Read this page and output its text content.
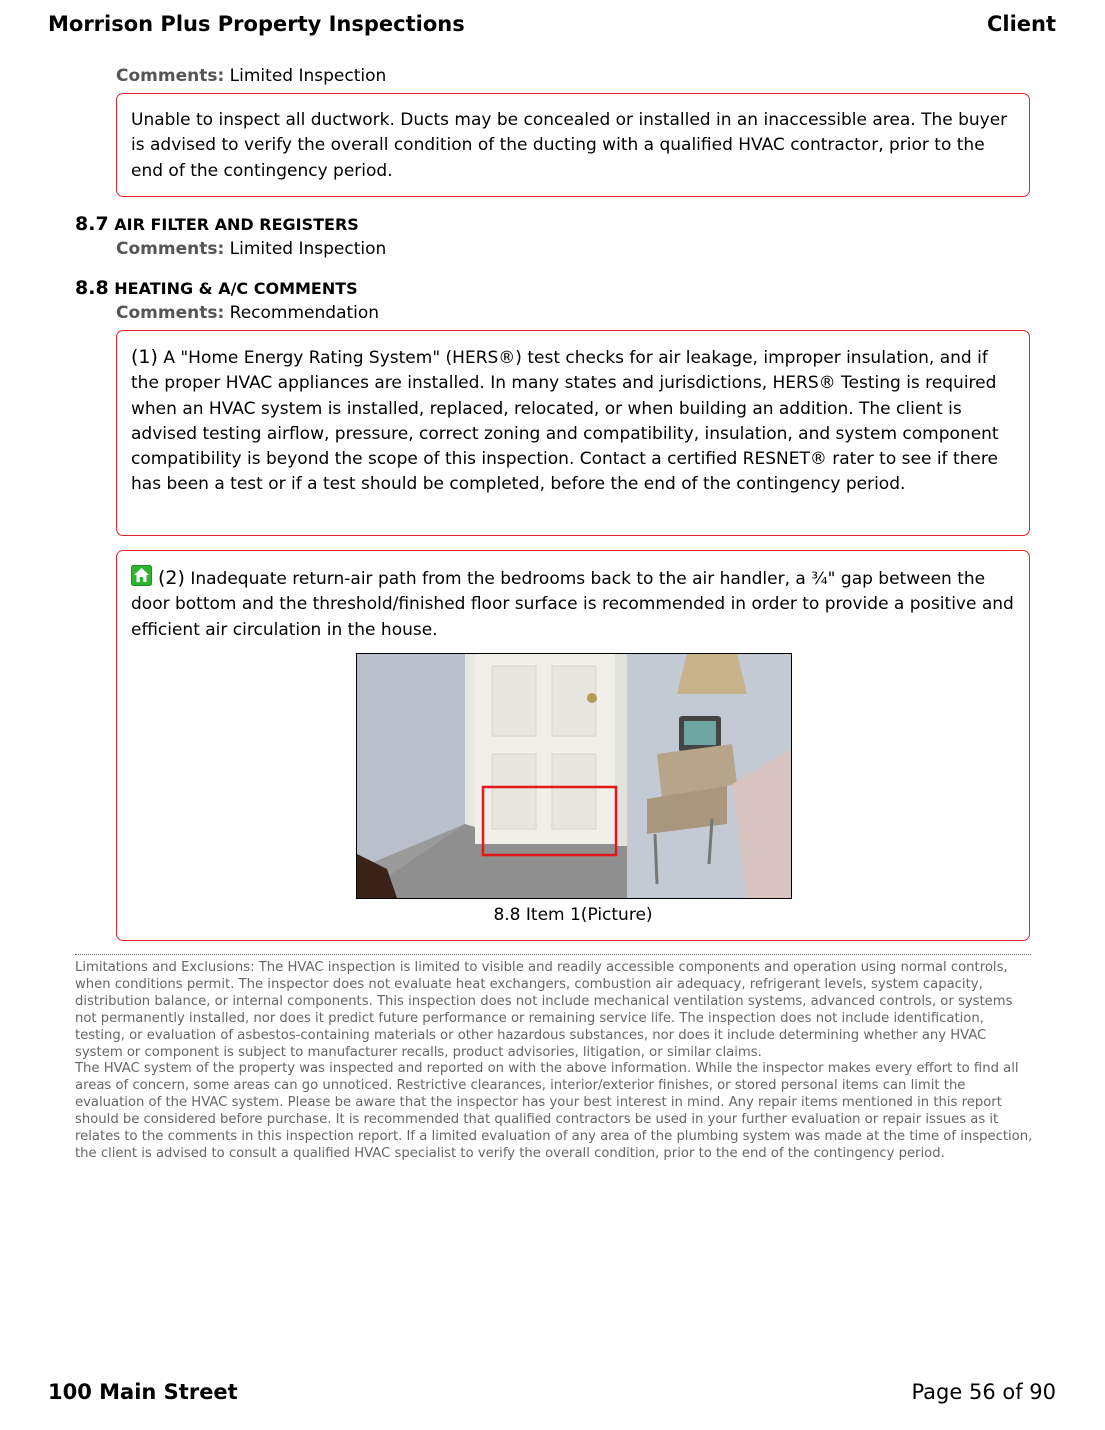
Morrison Plus Property Inspections	Client
Comments: Limited Inspection
Unable to inspect all ductwork. Ducts may be concealed or installed in an inaccessible area. The buyer is advised to verify the overall condition of the ducting with a qualified HVAC contractor, prior to the end of the contingency period.
8.7 AIR FILTER AND REGISTERS
Comments: Limited Inspection
8.8 HEATING & A/C COMMENTS
Comments: Recommendation
(1) A "Home Energy Rating System" (HERS®) test checks for air leakage, improper insulation, and if the proper HVAC appliances are installed. In many states and jurisdictions, HERS® Testing is required when an HVAC system is installed, replaced, relocated, or when building an addition. The client is advised testing airflow, pressure, correct zoning and compatibility, insulation, and system component compatibility is beyond the scope of this inspection. Contact a certified RESNET® rater to see if there has been a test or if a test should be completed, before the end of the contingency period.
(2) Inadequate return-air path from the bedrooms back to the air handler, a ¾" gap between the door bottom and the threshold/finished floor surface is recommended in order to provide a positive and efficient air circulation in the house.
8.8 Item 1(Picture)

Limitations and Exclusions: The HVAC inspection is limited to visible and readily accessible components and operation using normal controls, when conditions permit. The inspector does not evaluate heat exchangers, combustion air adequacy, refrigerant levels, system capacity, distribution balance, or internal components. This inspection does not include mechanical ventilation systems, advanced controls, or systems not permanently installed, nor does it predict future performance or remaining service life. The inspection does not include identification, testing, or evaluation of asbestos-containing materials or other hazardous substances, nor does it include determining whether any HVAC system or component is subject to manufacturer recalls, product advisories, litigation, or similar claims.

The HVAC system of the property was inspected and reported on with the above information. While the inspector makes every effort to find all areas of concern, some areas can go unnoticed. Restrictive clearances, interior/exterior finishes, or stored personal items can limit the evaluation of the HVAC system. Please be aware that the inspector has your best interest in mind. Any repair items mentioned in this report should be considered before purchase. It is recommended that qualified contractors be used in your further evaluation or repair issues as it relates to the comments in this inspection report. If a limited evaluation of any area of the plumbing system was made at the time of inspection, the client is advised to consult a qualified HVAC specialist to verify the overall condition, prior to the end of the contingency period.

100 Main Street	Page 56 of 90
